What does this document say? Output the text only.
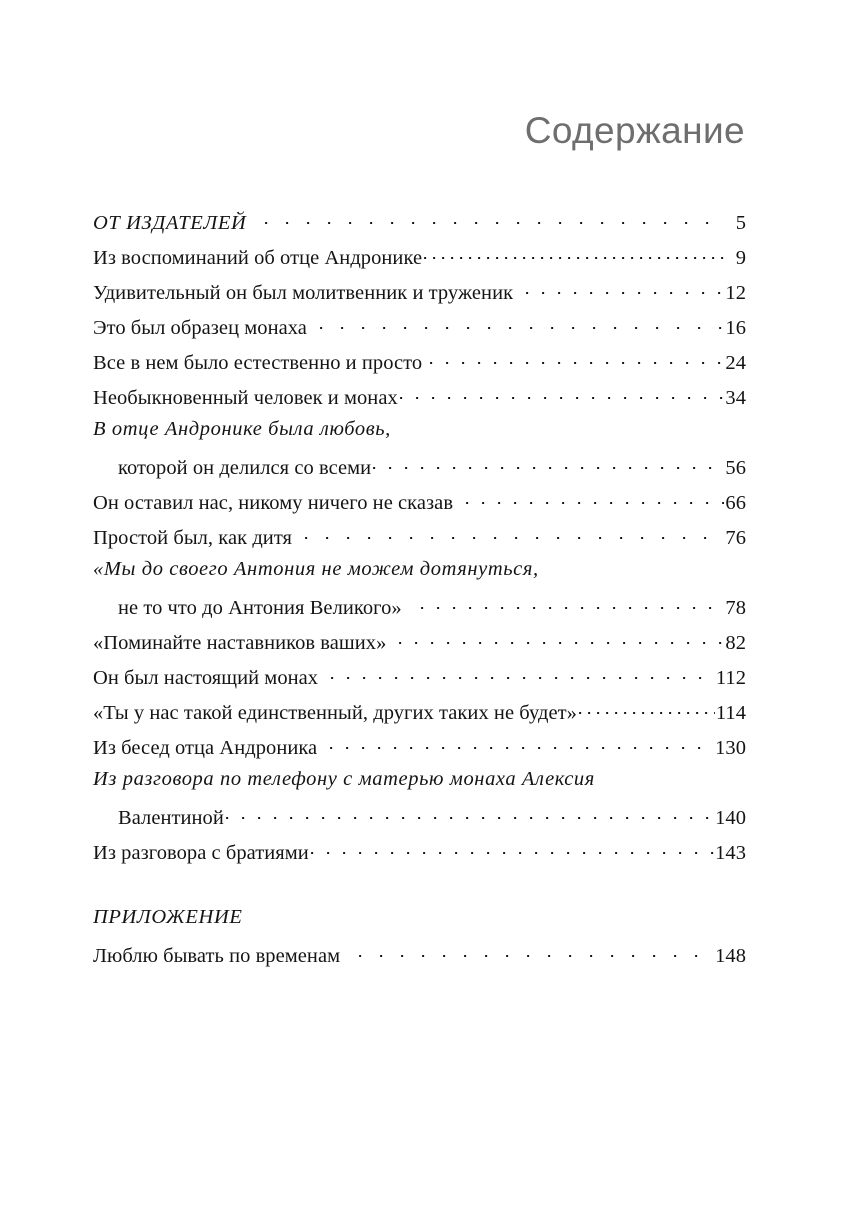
Содержание
ОТ ИЗДАТЕЛЕЙ	5
Из воспоминаний об отце Андронике	9
Удивительный он был молитвенник и труженик	12
Это был образец монаха	16
Все в нем было естественно и просто	24
Необыкновенный человек и монах	34
В отце Андронике была любовь,
которой он делился со всеми	56
Он оставил нас, никому ничего не сказав	66
Простой был, как дитя	76
«Мы до своего Антония не можем дотянуться,
не то что до Антония Великого»	78
«Поминайте наставников ваших»	82
Он был настоящий монах	112
«Ты у нас такой единственный, других таких не будет»	114
Из бесед отца Андроника	130
Из разговора по телефону с матерью монаха Алексия
Валентиной	140
Из разговора с братиями	143
ПРИЛОЖЕНИЕ
Люблю бывать по временам	148
